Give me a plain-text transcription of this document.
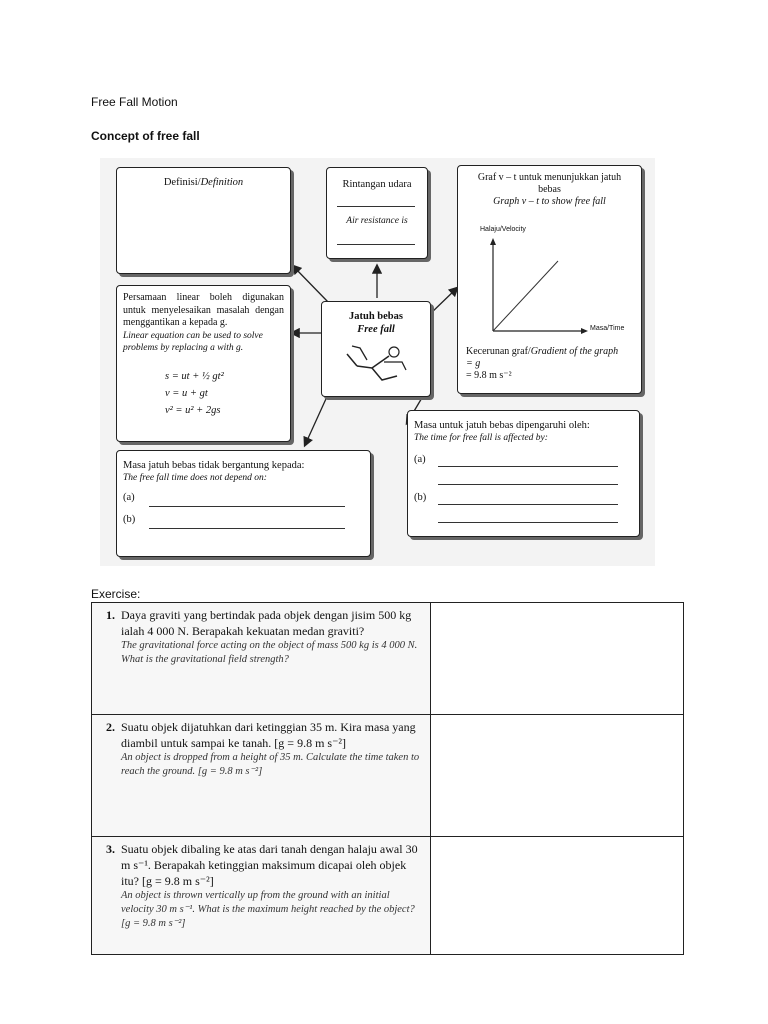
Free Fall Motion
Concept of free fall
Definisi/Definition	Rintangan udara
Air resistance is
Graf v – t untuk menunjukkan jatuh
bebas
Graph v – t to show free fall
Halaju/Velocity
Masa/Time
Kecerunan graf/Gradient of the graph
= g
= 9.8 m s⁻²
Jatuh bebas
Free fall
Persamaan linear boleh digunakan untuk menyelesaikan masalah dengan menggantikan a kepada g.
Linear equation can be used to solve problems by replacing a with g.
s = ut + ½ gt²
v = u + gt
v² = u² + 2gs
Masa jatuh bebas tidak bergantung kepada:
The free fall time does not depend on:
(a)
(b)
Masa untuk jatuh bebas dipengaruhi oleh:
The time for free fall is affected by:
(a)
(b)
Exercise:
1. Daya graviti yang bertindak pada objek dengan jisim 500 kg ialah 4 000 N. Berapakah kekuatan medan graviti?
The gravitational force acting on the object of mass 500 kg is 4 000 N. What is the gravitational field strength?	

2. Suatu objek dijatuhkan dari ketinggian 35 m. Kira masa yang diambil untuk sampai ke tanah. [g = 9.8 m s⁻²]
An object is dropped from a height of 35 m. Calculate the time taken to reach the ground. [g = 9.8 m s⁻²]	

3. Suatu objek dibaling ke atas dari tanah dengan halaju awal 30 m s⁻¹. Berapakah ketinggian maksimum dicapai oleh objek itu? [g = 9.8 m s⁻²]
An object is thrown vertically up from the ground with an initial velocity 30 m s⁻¹. What is the maximum height reached by the object? [g = 9.8 m s⁻²]	
